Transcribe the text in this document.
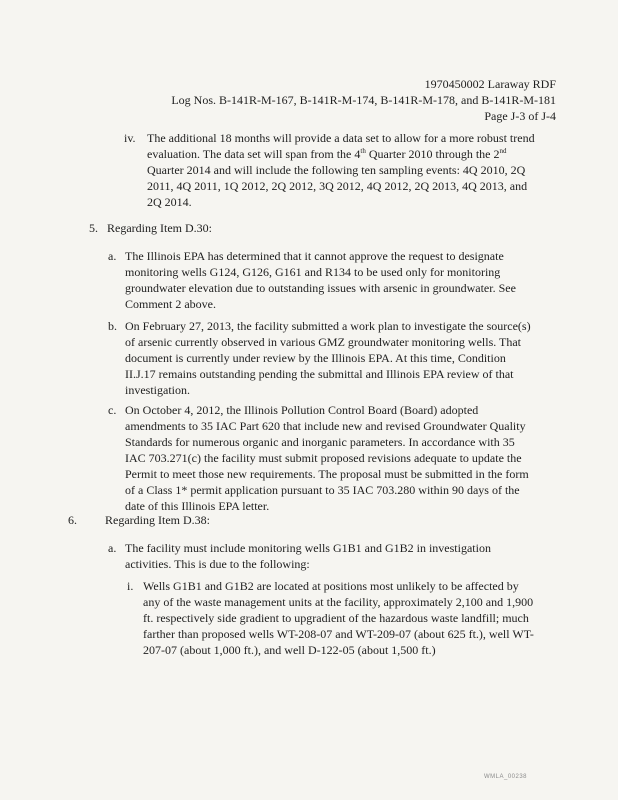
1970450002 Laraway RDF
Log Nos. B-141R-M-167, B-141R-M-174, B-141R-M-178, and B-141R-M-181
Page J-3 of J-4
iv. The additional 18 months will provide a data set to allow for a more robust trend
evaluation. The data set will span from the 4th Quarter 2010 through the 2nd
Quarter 2014 and will include the following ten sampling events: 4Q 2010, 2Q
2011, 4Q 2011, 1Q 2012, 2Q 2012, 3Q 2012, 4Q 2012, 2Q 2013, 4Q 2013, and
2Q 2014.
5. Regarding Item D.30:
a. The Illinois EPA has determined that it cannot approve the request to designate
monitoring wells G124, G126, G161 and R134 to be used only for monitoring
groundwater elevation due to outstanding issues with arsenic in groundwater. See
Comment 2 above.
b. On February 27, 2013, the facility submitted a work plan to investigate the source(s)
of arsenic currently observed in various GMZ groundwater monitoring wells. That
document is currently under review by the Illinois EPA. At this time, Condition
II.J.17 remains outstanding pending the submittal and Illinois EPA review of that
investigation.
c. On October 4, 2012, the Illinois Pollution Control Board (Board) adopted
amendments to 35 IAC Part 620 that include new and revised Groundwater Quality
Standards for numerous organic and inorganic parameters. In accordance with 35
IAC 703.271(c) the facility must submit proposed revisions adequate to update the
Permit to meet those new requirements. The proposal must be submitted in the form
of a Class 1* permit application pursuant to 35 IAC 703.280 within 90 days of the
date of this Illinois EPA letter.
6. Regarding Item D.38:
a. The facility must include monitoring wells G1B1 and G1B2 in investigation
activities. This is due to the following:
i. Wells G1B1 and G1B2 are located at positions most unlikely to be affected by
any of the waste management units at the facility, approximately 2,100 and 1,900
ft. respectively side gradient to upgradient of the hazardous waste landfill; much
farther than proposed wells WT-208-07 and WT-209-07 (about 625 ft.), well WT-
207-07 (about 1,000 ft.), and well D-122-05 (about 1,500 ft.)
WMLA_00238
